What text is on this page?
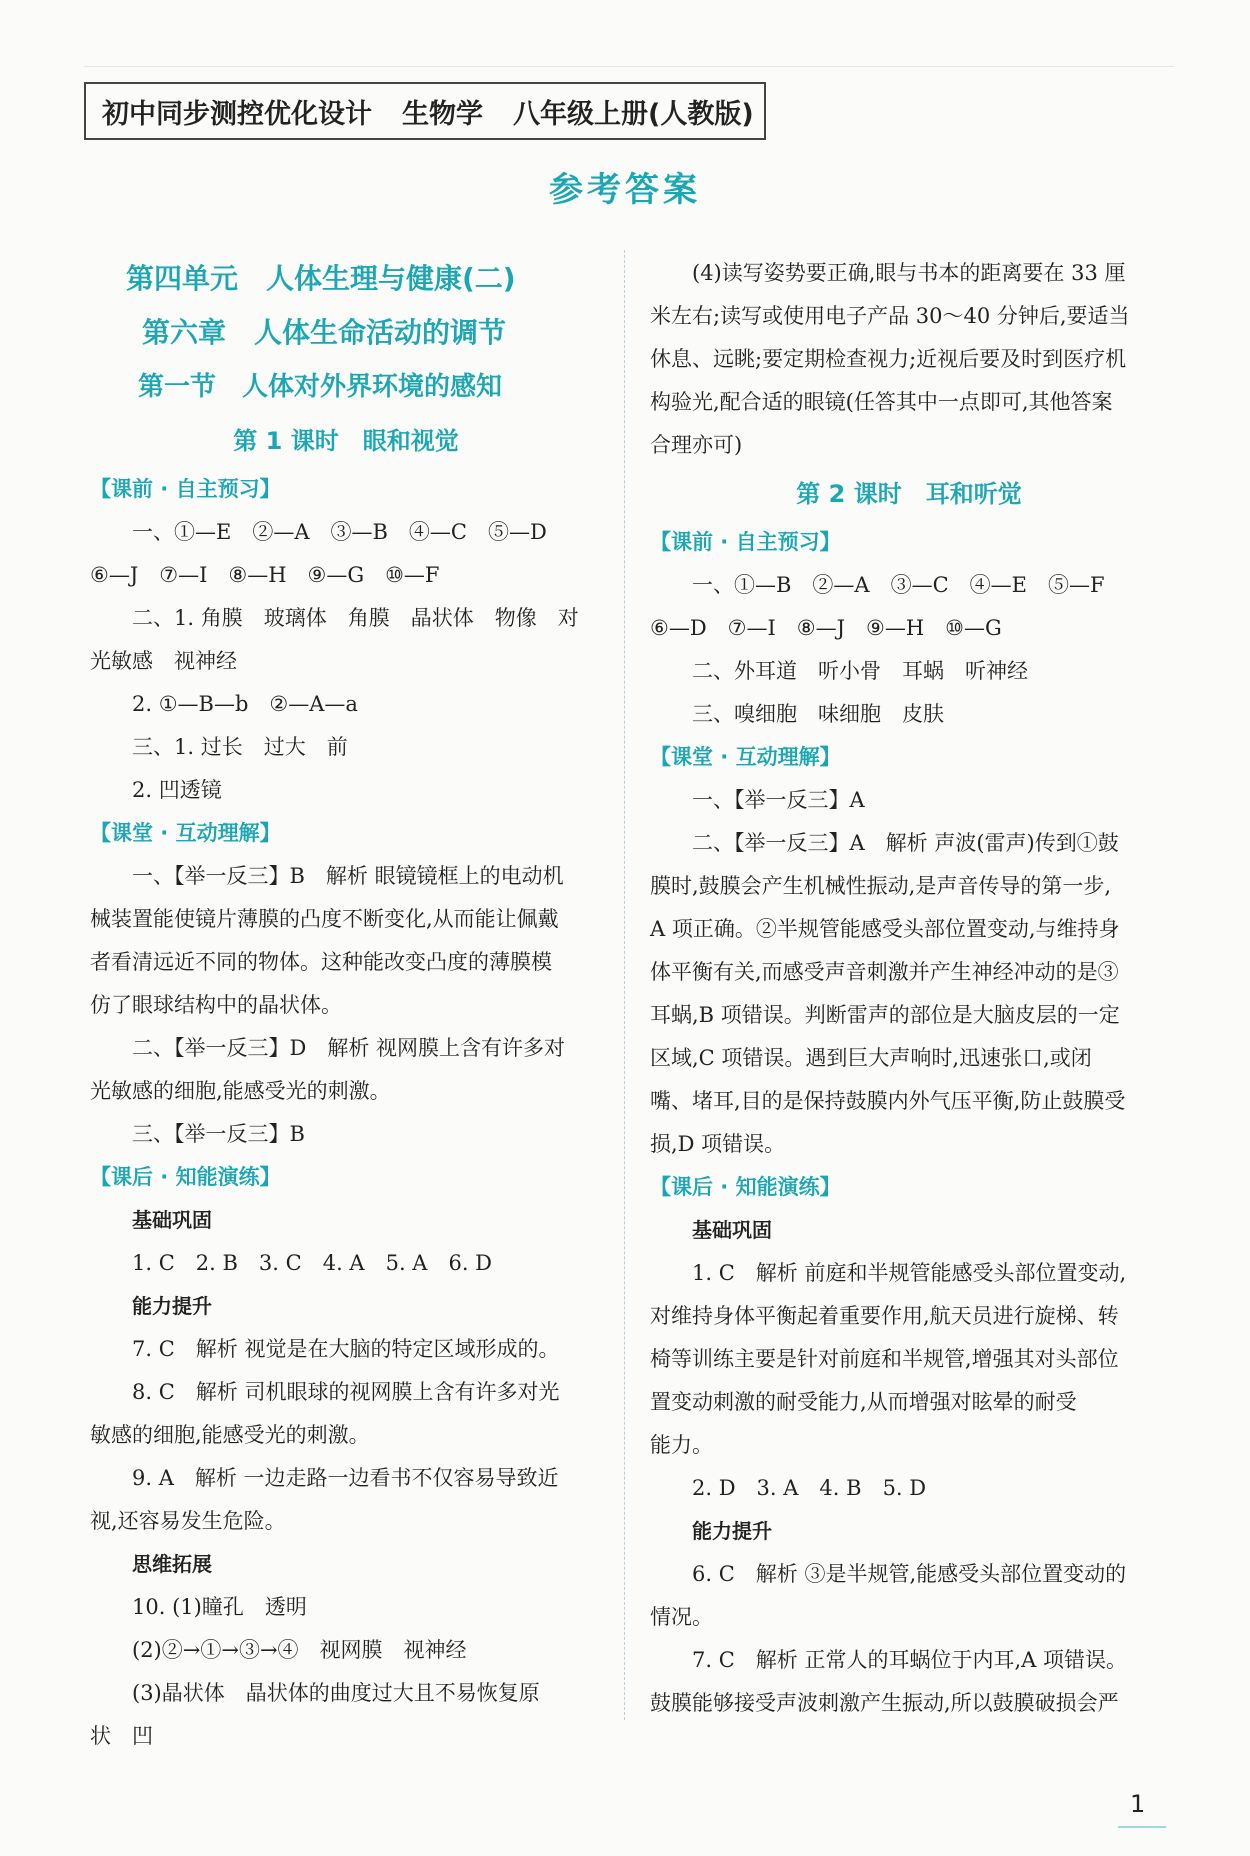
初中同步测控优化设计 生物学 八年级上册(人教版)
参考答案

第四单元　人体生理与健康(二)

第六章　人体生命活动的调节

第一节　人体对外界环境的感知

第 1 课时　眼和视觉

【课前 · 自主预习】

一、①—E　②—A　③—B　④—C　⑤—D

⑥—J　⑦—I　⑧—H　⑨—G　⑩—F

二、1. 角膜　玻璃体　角膜　晶状体　物像　对

光敏感　视神经

2. ①—B—b　②—A—a

三、1. 过长　过大　前

2. 凹透镜

【课堂 · 互动理解】

一、【举一反三】B　解析 眼镜镜框上的电动机

械装置能使镜片薄膜的凸度不断变化,从而能让佩戴

者看清远近不同的物体。这种能改变凸度的薄膜模

仿了眼球结构中的晶状体。

二、【举一反三】D　解析 视网膜上含有许多对

光敏感的细胞,能感受光的刺激。

三、【举一反三】B

【课后 · 知能演练】

基础巩固

1. C　2. B　3. C　4. A　5. A　6. D

能力提升

7. C　解析 视觉是在大脑的特定区域形成的。

8. C　解析 司机眼球的视网膜上含有许多对光

敏感的细胞,能感受光的刺激。

9. A　解析 一边走路一边看书不仅容易导致近

视,还容易发生危险。

思维拓展

10. (1)瞳孔　透明

(2)②→①→③→④　视网膜　视神经

(3)晶状体　晶状体的曲度过大且不易恢复原

状　凹

(4)读写姿势要正确,眼与书本的距离要在 33 厘

米左右;读写或使用电子产品 30～40 分钟后,要适当

休息、远眺;要定期检查视力;近视后要及时到医疗机

构验光,配合适的眼镜(任答其中一点即可,其他答案

合理亦可)

第 2 课时　耳和听觉

【课前 · 自主预习】

一、①—B　②—A　③—C　④—E　⑤—F

⑥—D　⑦—I　⑧—J　⑨—H　⑩—G

二、外耳道　听小骨　耳蜗　听神经

三、嗅细胞　味细胞　皮肤

【课堂 · 互动理解】

一、【举一反三】A

二、【举一反三】A　解析 声波(雷声)传到①鼓

膜时,鼓膜会产生机械性振动,是声音传导的第一步,

A 项正确。②半规管能感受头部位置变动,与维持身

体平衡有关,而感受声音刺激并产生神经冲动的是③

耳蜗,B 项错误。判断雷声的部位是大脑皮层的一定

区域,C 项错误。遇到巨大声响时,迅速张口,或闭

嘴、堵耳,目的是保持鼓膜内外气压平衡,防止鼓膜受

损,D 项错误。

【课后 · 知能演练】

基础巩固

1. C　解析 前庭和半规管能感受头部位置变动,

对维持身体平衡起着重要作用,航天员进行旋梯、转

椅等训练主要是针对前庭和半规管,增强其对头部位

置变动刺激的耐受能力,从而增强对眩晕的耐受

能力。

2. D　3. A　4. B　5. D

能力提升

6. C　解析 ③是半规管,能感受头部位置变动的

情况。

7. C　解析 正常人的耳蜗位于内耳,A 项错误。

鼓膜能够接受声波刺激产生振动,所以鼓膜破损会严

1
